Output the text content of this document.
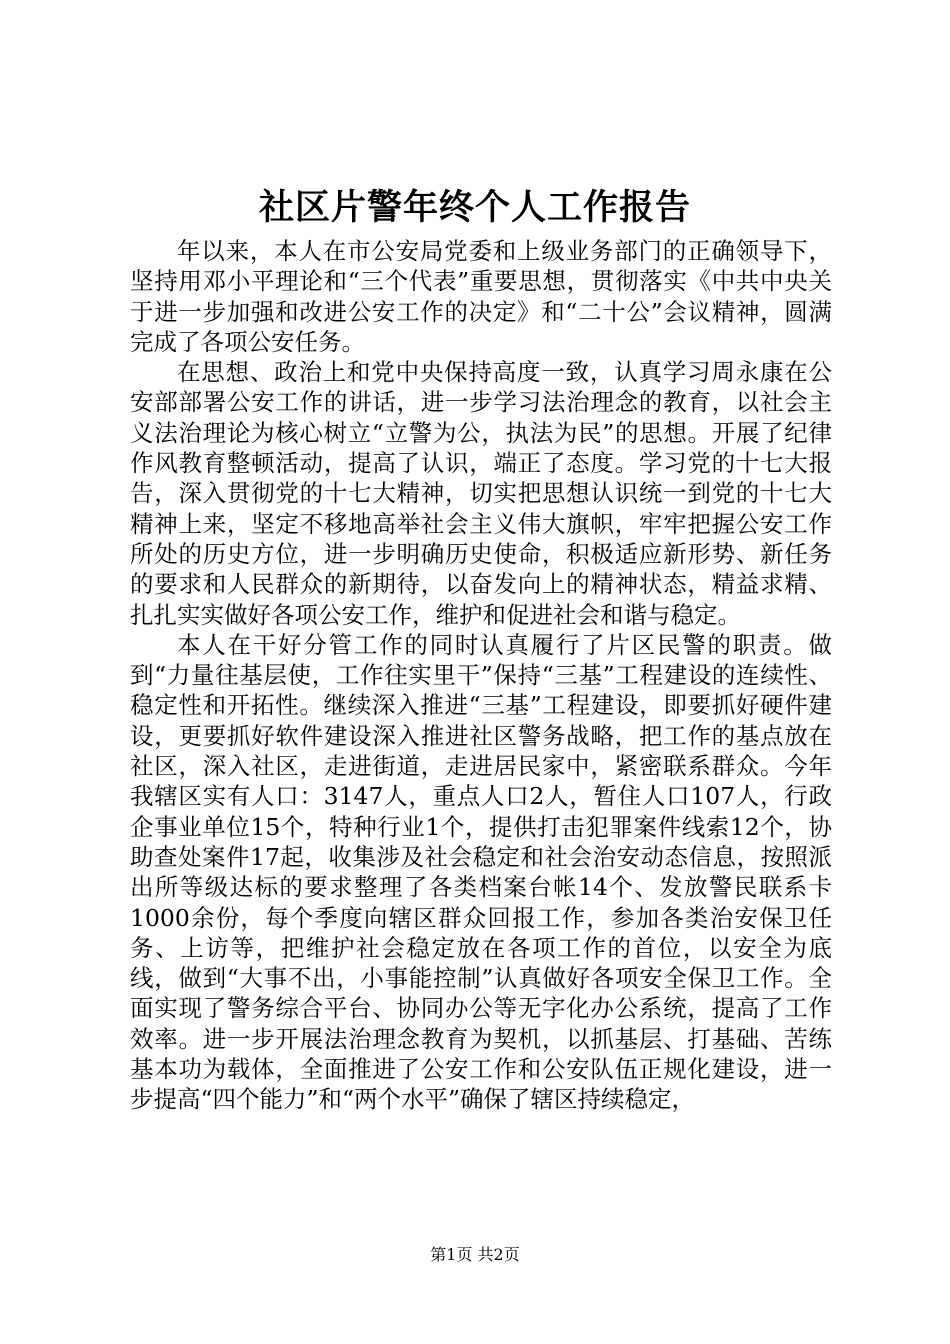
社区片警年终个人工作报告

年以来，本人在市公安局党委和上级业务部门的正确领导下，坚持用邓小平理论和“三个代表”重要思想，贯彻落实《中共中央关于进一步加强和改进公安工作的决定》和“二十公”会议精神，圆满完成了各项公安任务。

在思想、政治上和党中央保持高度一致，认真学习周永康在公安部部署公安工作的讲话，进一步学习法治理念的教育，以社会主义法治理论为核心树立“立警为公，执法为民”的思想。开展了纪律作风教育整顿活动，提高了认识，端正了态度。学习党的十七大报告，深入贯彻党的十七大精神，切实把思想认识统一到党的十七大精神上来，坚定不移地高举社会主义伟大旗帜，牢牢把握公安工作所处的历史方位，进一步明确历史使命，积极适应新形势、新任务的要求和人民群众的新期待，以奋发向上的精神状态，精益求精、扎扎实实做好各项公安工作，维护和促进社会和谐与稳定。

本人在干好分管工作的同时认真履行了片区民警的职责。做到“力量往基层使，工作往实里干”保持“三基”工程建设的连续性、稳定性和开拓性。继续深入推进“三基”工程建设，即要抓好硬件建设，更要抓好软件建设深入推进社区警务战略，把工作的基点放在社区，深入社区，走进街道，走进居民家中，紧密联系群众。今年我辖区实有人口：3147人，重点人口2人，暂住人口107人，行政企事业单位15个，特种行业1个，提供打击犯罪案件线索12个，协助查处案件17起，收集涉及社会稳定和社会治安动态信息，按照派出所等级达标的要求整理了各类档案台帐14个、发放警民联系卡1000余份，每个季度向辖区群众回报工作，参加各类治安保卫任务、上访等，把维护社会稳定放在各项工作的首位，以安全为底线，做到“大事不出，小事能控制”认真做好各项安全保卫工作。全面实现了警务综合平台、协同办公等无字化办公系统，提高了工作效率。进一步开展法治理念教育为契机，以抓基层、打基础、苦练基本功为载体，全面推进了公安工作和公安队伍正规化建设，进一步提高“四个能力”和“两个水平”确保了辖区持续稳定，

第1页 共2页
